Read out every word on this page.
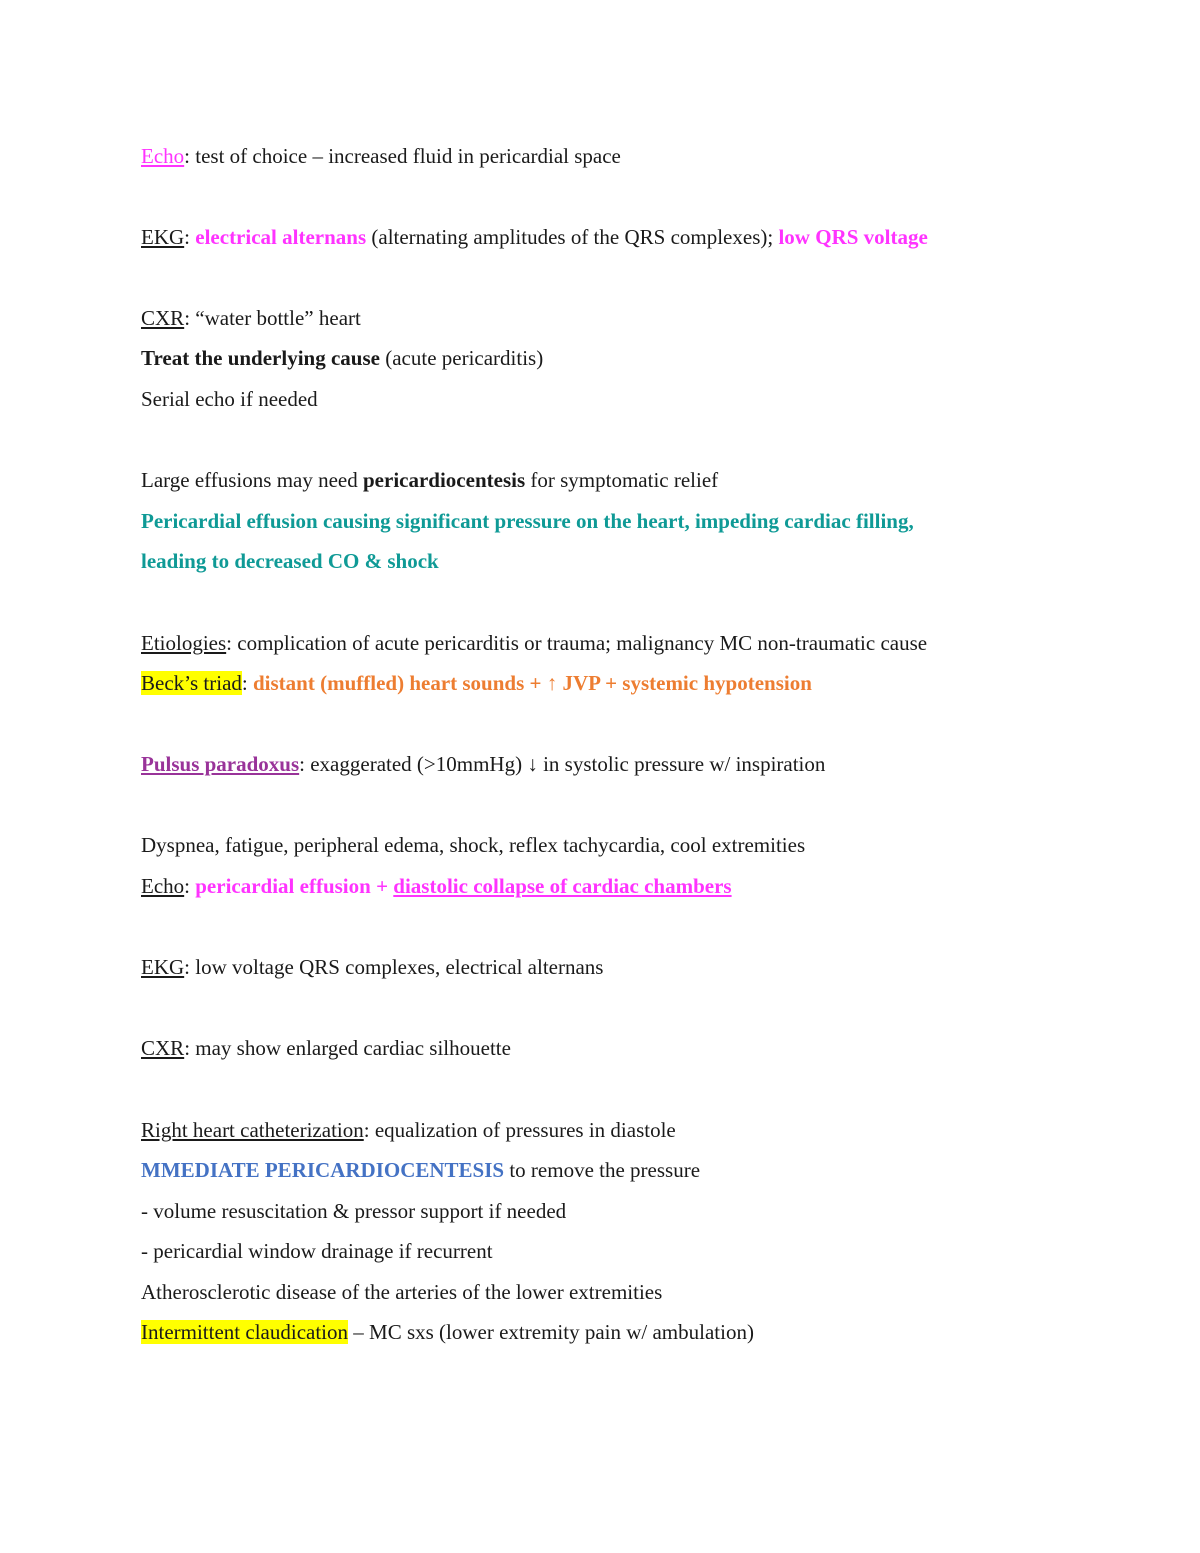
Echo: test of choice – increased fluid in pericardial space
EKG: electrical alternans (alternating amplitudes of the QRS complexes); low QRS voltage
CXR: “water bottle” heart
Treat the underlying cause (acute pericarditis)
Serial echo if needed
Large effusions may need pericardiocentesis for symptomatic relief
Pericardial effusion causing significant pressure on the heart, impeding cardiac filling,
leading to decreased CO & shock
Etiologies: complication of acute pericarditis or trauma; malignancy MC non-traumatic cause
Beck’s triad: distant (muffled) heart sounds + ↑ JVP + systemic hypotension
Pulsus paradoxus: exaggerated (>10mmHg) ↓ in systolic pressure w/ inspiration
Dyspnea, fatigue, peripheral edema, shock, reflex tachycardia, cool extremities
Echo: pericardial effusion + diastolic collapse of cardiac chambers
EKG: low voltage QRS complexes, electrical alternans
CXR: may show enlarged cardiac silhouette
Right heart catheterization: equalization of pressures in diastole
MMEDIATE PERICARDIOCENTESIS to remove the pressure
- volume resuscitation & pressor support if needed
- pericardial window drainage if recurrent
Atherosclerotic disease of the arteries of the lower extremities
Intermittent claudication – MC sxs (lower extremity pain w/ ambulation)
